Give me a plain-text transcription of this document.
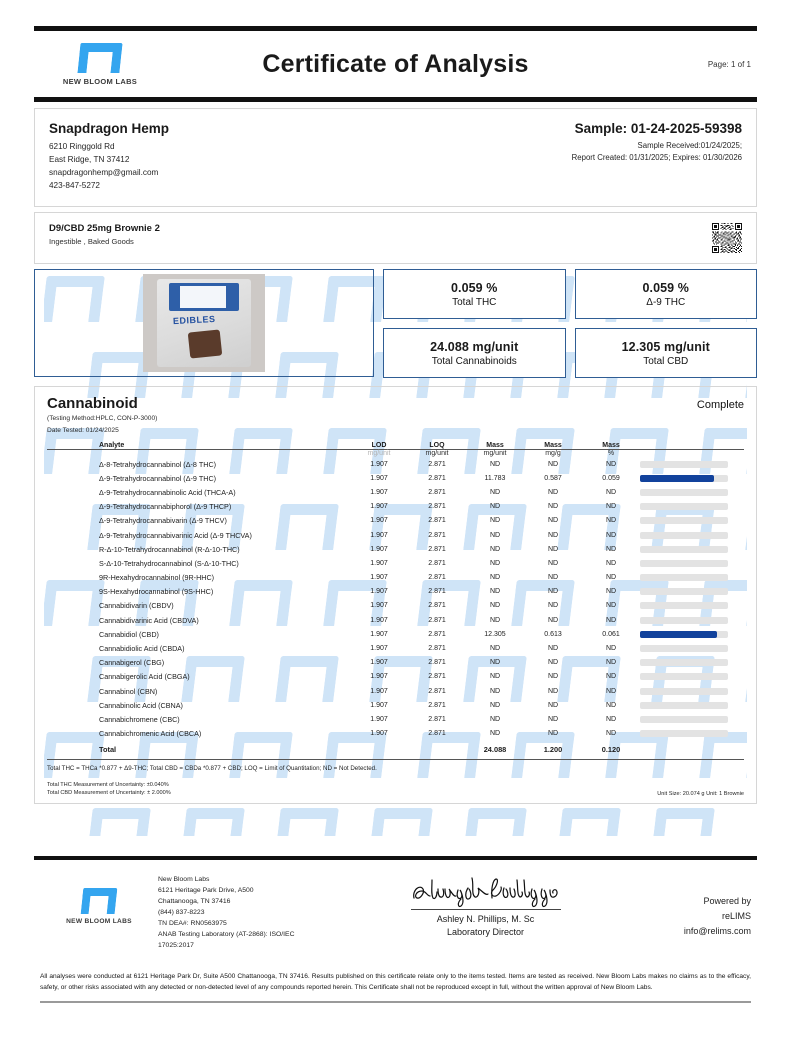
NEW BLOOM LABS
Certificate of Analysis	Page: 1 of 1
Snapdragon Hemp
6210 Ringgold Rd
East Ridge, TN 37412
snapdragonhemp@gmail.com
423-847-5272
Sample: 01-24-2025-59398
Sample Received:01/24/2025;
Report Created: 01/31/2025; Expires: 01/30/2026
D9/CBD 25mg Brownie 2
Ingestible , Baked Goods
EDIBLES
0.059 %
Total THC
0.059 %
Δ-9 THC
24.088 mg/unit
Total Cannabinoids
12.305 mg/unit
Total CBD
Cannabinoid	Complete
(Testing Method:HPLC, CON-P-3000)
Date Tested: 01/24/2025
Analyte	LOD	LOQ	Mass	Mass	Mass	
	mg/unit	mg/unit	mg/unit	mg/g	%	
Δ-8-Tetrahydrocannabinol (Δ-8 THC)	1.907	2.871	ND	ND	ND	

Δ-9-Tetrahydrocannabinol (Δ-9 THC)	1.907	2.871	11.783	0.587	0.059	

Δ-9-Tetrahydrocannabinolic Acid (THCA-A)	1.907	2.871	ND	ND	ND	

Δ-9-Tetrahydrocannabiphorol (Δ-9 THCP)	1.907	2.871	ND	ND	ND	

Δ-9-Tetrahydrocannabivarin (Δ-9 THCV)	1.907	2.871	ND	ND	ND	

Δ-9-Tetrahydrocannabivarinic Acid (Δ-9 THCVA)	1.907	2.871	ND	ND	ND	

R-Δ-10-Tetrahydrocannabinol (R-Δ-10-THC)	1.907	2.871	ND	ND	ND	

S-Δ-10-Tetrahydrocannabinol (S-Δ-10-THC)	1.907	2.871	ND	ND	ND	

9R-Hexahydrocannabinol (9R-HHC)	1.907	2.871	ND	ND	ND	

9S-Hexahydrocannabinol (9S-HHC)	1.907	2.871	ND	ND	ND	

Cannabidivarin (CBDV)	1.907	2.871	ND	ND	ND	

Cannabidivarinic Acid (CBDVA)	1.907	2.871	ND	ND	ND	

Cannabidiol (CBD)	1.907	2.871	12.305	0.613	0.061	

Cannabidiolic Acid (CBDA)	1.907	2.871	ND	ND	ND	

Cannabigerol (CBG)	1.907	2.871	ND	ND	ND	

Cannabigerolic Acid (CBGA)	1.907	2.871	ND	ND	ND	

Cannabinol (CBN)	1.907	2.871	ND	ND	ND	

Cannabinolic Acid (CBNA)	1.907	2.871	ND	ND	ND	

Cannabichromene (CBC)	1.907	2.871	ND	ND	ND	

Cannabichromenic Acid (CBCA)	1.907	2.871	ND	ND	ND	

Total			24.088	1.200	0.120	
Total THC = THCa *0.877 + Δ9-THC; Total CBD = CBDa *0.877 + CBD; LOQ = Limit of Quantitation; ND = Not Detected.
Total THC Measurement of Uncertainty: ±0.040%
Total CBD Measurement of Uncertainty: ± 2.000%	Unit Size: 20.074 g Unit: 1 Brownie
NEW BLOOM LABS
New Bloom Labs
6121 Heritage Park Drive, A500
Chattanooga, TN 37416
(844) 837-8223
TN DEA#: RN0563975
ANAB Testing Laboratory (AT-2868): ISO/IEC
17025:2017
Ashley N. Phillips, M. Sc
Laboratory Director
Powered by
reLIMS
info@relims.com
All analyses were conducted at 6121 Heritage Park Dr, Suite A500 Chattanooga, TN 37416. Results published on this certificate relate only to the items tested. Items are tested as received. New Bloom Labs makes no claims as to the efficacy, safety, or other risks associated with any detected or non-detected level of any compounds reported herein. This Certificate shall not be reproduced except in full, without the written approval of New Bloom Labs.
